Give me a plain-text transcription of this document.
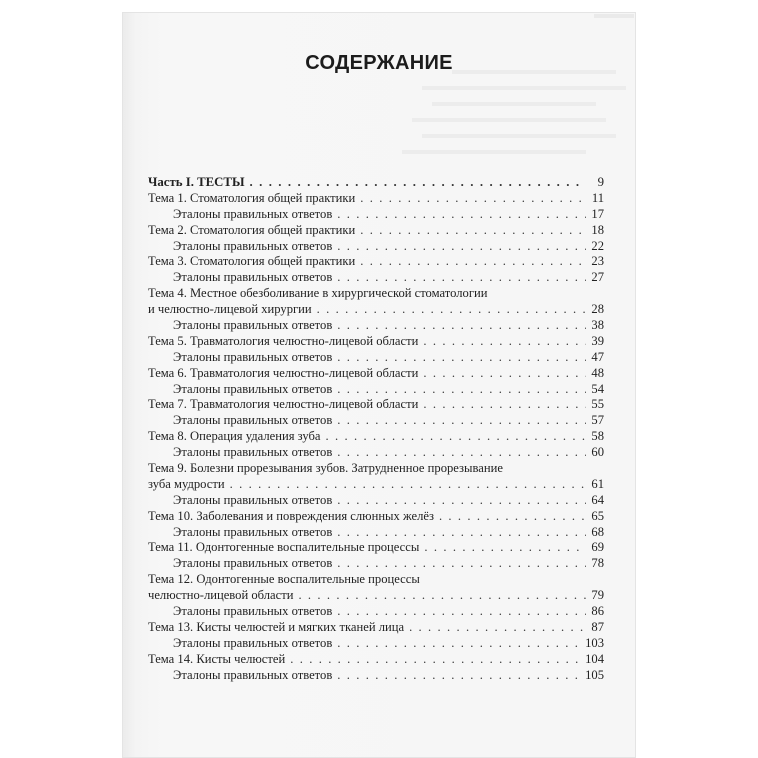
СОДЕРЖАНИЕ
Часть I. ТЕСТЫ . . .	9
Тема 1. Стоматология общей практики . . .	11
Эталоны правильных ответов . . .	17
Тема 2. Стоматология общей практики . . .	18
Эталоны правильных ответов . . .	22
Тема 3. Стоматология общей практики . . .	23
Эталоны правильных ответов . . .	27
Тема 4. Местное обезболивание в хирургической стоматологии
и челюстно-лицевой хирургии . . .	28
Эталоны правильных ответов . . .	38
Тема 5. Травматология челюстно-лицевой области . . .	39
Эталоны правильных ответов . . .	47
Тема 6. Травматология челюстно-лицевой области . . .	48
Эталоны правильных ответов . . .	54
Тема 7. Травматология челюстно-лицевой области . . .	55
Эталоны правильных ответов . . .	57
Тема 8. Операция удаления зуба . . .	58
Эталоны правильных ответов . . .	60
Тема 9. Болезни прорезывания зубов. Затрудненное прорезывание
зуба мудрости . . .	61
Эталоны правильных ответов . . .	64
Тема 10. Заболевания и повреждения слюнных желёз . . .	65
Эталоны правильных ответов . . .	68
Тема 11. Одонтогенные воспалительные процессы . . .	69
Эталоны правильных ответов . . .	78
Тема 12. Одонтогенные воспалительные процессы
челюстно-лицевой области . . .	79
Эталоны правильных ответов . . .	86
Тема 13. Кисты челюстей и мягких тканей лица . . .	87
Эталоны правильных ответов . . .	103
Тема 14. Кисты челюстей . . .	104
Эталоны правильных ответов . . .	105
